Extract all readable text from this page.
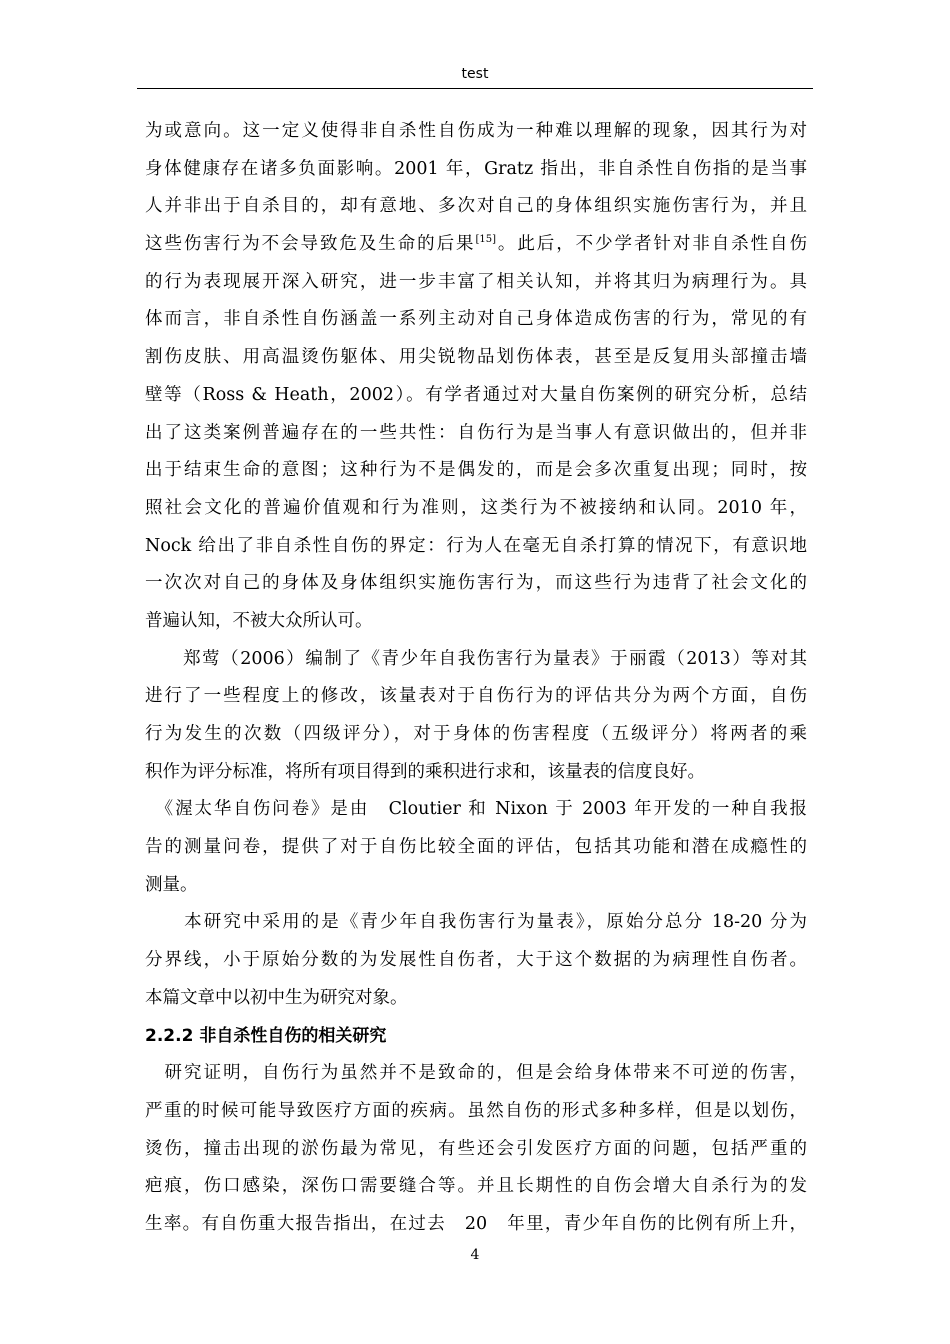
test
为或意向。这一定义使得非自杀性自伤成为一种难以理解的现象，因其行为对
身体健康存在诸多负面影响。2001 年，Gratz 指出，非自杀性自伤指的是当事
人并非出于自杀目的，却有意地、多次对自己的身体组织实施伤害行为，并且
这些伤害行为不会导致危及生命的后果[15]。此后，不少学者针对非自杀性自伤
的行为表现展开深入研究，进一步丰富了相关认知，并将其归为病理行为。具
体而言，非自杀性自伤涵盖一系列主动对自己身体造成伤害的行为，常见的有
割伤皮肤、用高温烫伤躯体、用尖锐物品划伤体表，甚至是反复用头部撞击墙
壁等（Ross & Heath，2002）。有学者通过对大量自伤案例的研究分析，总结
出了这类案例普遍存在的一些共性：自伤行为是当事人有意识做出的，但并非
出于结束生命的意图；这种行为不是偶发的，而是会多次重复出现；同时，按
照社会文化的普遍价值观和行为准则，这类行为不被接纳和认同。2010 年，
Nock 给出了非自杀性自伤的界定：行为人在毫无自杀打算的情况下，有意识地
一次次对自己的身体及身体组织实施伤害行为，而这些行为违背了社会文化的
普遍认知，不被大众所认可。
　　郑莺（2006）编制了《青少年自我伤害行为量表》于丽霞（2013）等对其
进行了一些程度上的修改，该量表对于自伤行为的评估共分为两个方面，自伤
行为发生的次数（四级评分），对于身体的伤害程度（五级评分）将两者的乘
积作为评分标准，将所有项目得到的乘积进行求和，该量表的信度良好。
　《渥太华自伤问卷》是由　Cloutier 和 Nixon 于 2003 年开发的一种自我报
告的测量问卷，提供了对于自伤比较全面的评估，包括其功能和潜在成瘾性的
测量。
　　本研究中采用的是《青少年自我伤害行为量表》，原始分总分 18-20 分为
分界线，小于原始分数的为发展性自伤者，大于这个数据的为病理性自伤者。
本篇文章中以初中生为研究对象。
2.2.2 非自杀性自伤的相关研究
　研究证明，自伤行为虽然并不是致命的，但是会给身体带来不可逆的伤害，
严重的时候可能导致医疗方面的疾病。虽然自伤的形式多种多样，但是以划伤，
烫伤，撞击出现的淤伤最为常见，有些还会引发医疗方面的问题，包括严重的
疤痕，伤口感染，深伤口需要缝合等。并且长期性的自伤会增大自杀行为的发
生率。有自伤重大报告指出，在过去　20　年里，青少年自伤的比例有所上升，
4
